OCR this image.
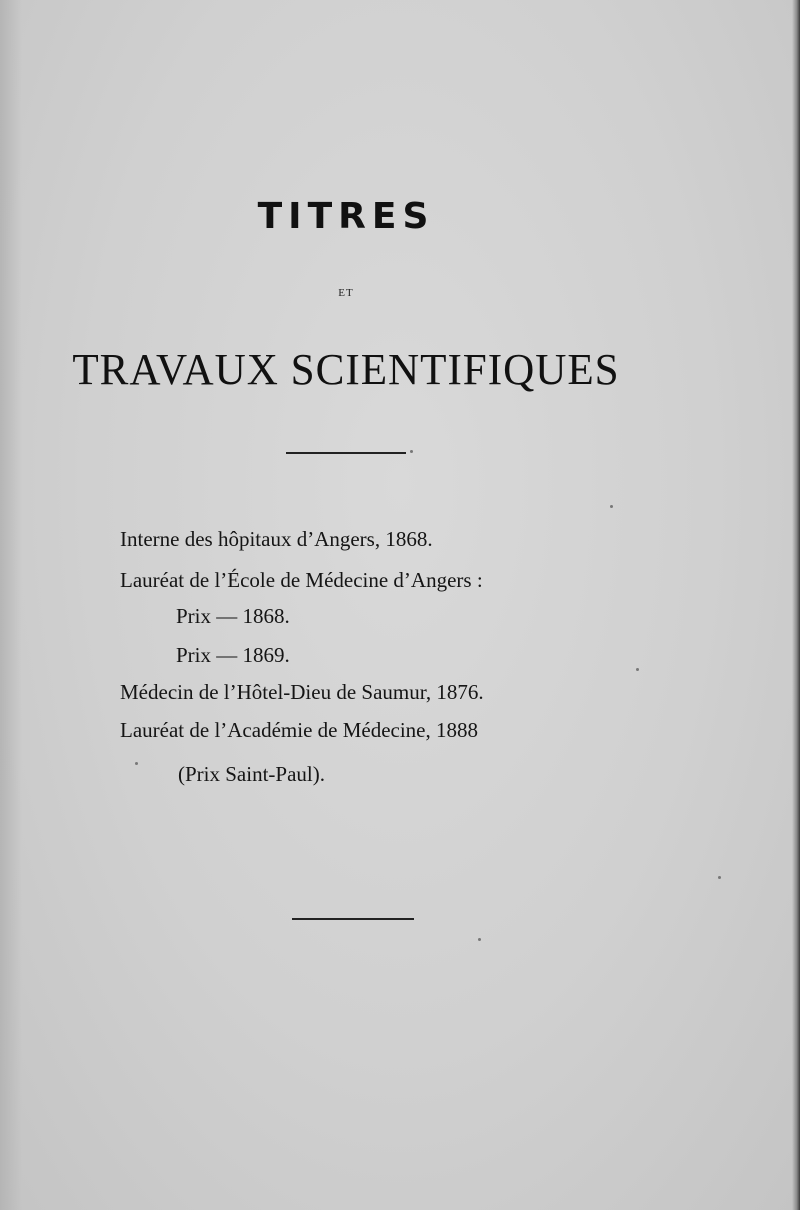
TITRES
ET
TRAVAUX SCIENTIFIQUES
Interne des hôpitaux d’Angers, 1868.
Lauréat de l’École de Médecine d’Angers :
Prix — 1868.
Prix — 1869.
Médecin de l’Hôtel-Dieu de Saumur, 1876.
Lauréat de l’Académie de Médecine, 1888
(Prix Saint-Paul).
